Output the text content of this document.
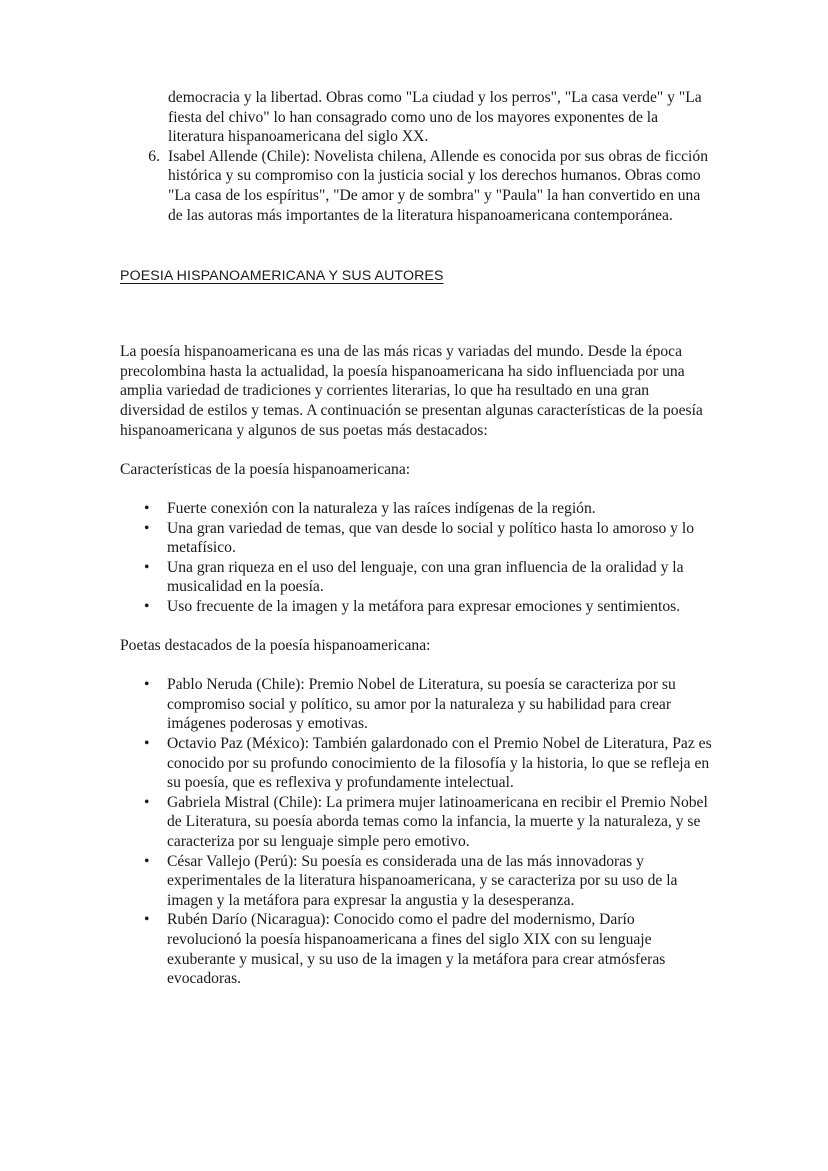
democracia y la libertad. Obras como "La ciudad y los perros", "La casa verde" y "La fiesta del chivo" lo han consagrado como uno de los mayores exponentes de la literatura hispanoamericana del siglo XX.
6. Isabel Allende (Chile): Novelista chilena, Allende es conocida por sus obras de ficción histórica y su compromiso con la justicia social y los derechos humanos. Obras como "La casa de los espíritus", "De amor y de sombra" y "Paula" la han convertido en una de las autoras más importantes de la literatura hispanoamericana contemporánea.
POESIA HISPANOAMERICANA Y SUS AUTORES

La poesía hispanoamericana es una de las más ricas y variadas del mundo. Desde la época precolombina hasta la actualidad, la poesía hispanoamericana ha sido influenciada por una amplia variedad de tradiciones y corrientes literarias, lo que ha resultado en una gran diversidad de estilos y temas. A continuación se presentan algunas características de la poesía hispanoamericana y algunos de sus poetas más destacados:

Características de la poesía hispanoamericana:

• Fuerte conexión con la naturaleza y las raíces indígenas de la región.
• Una gran variedad de temas, que van desde lo social y político hasta lo amoroso y lo metafísico.
• Una gran riqueza en el uso del lenguaje, con una gran influencia de la oralidad y la musicalidad en la poesía.
• Uso frecuente de la imagen y la metáfora para expresar emociones y sentimientos.

Poetas destacados de la poesía hispanoamericana:

• Pablo Neruda (Chile): Premio Nobel de Literatura, su poesía se caracteriza por su compromiso social y político, su amor por la naturaleza y su habilidad para crear imágenes poderosas y emotivas.
• Octavio Paz (México): También galardonado con el Premio Nobel de Literatura, Paz es conocido por su profundo conocimiento de la filosofía y la historia, lo que se refleja en su poesía, que es reflexiva y profundamente intelectual.
• Gabriela Mistral (Chile): La primera mujer latinoamericana en recibir el Premio Nobel de Literatura, su poesía aborda temas como la infancia, la muerte y la naturaleza, y se caracteriza por su lenguaje simple pero emotivo.
• César Vallejo (Perú): Su poesía es considerada una de las más innovadoras y experimentales de la literatura hispanoamericana, y se caracteriza por su uso de la imagen y la metáfora para expresar la angustia y la desesperanza.
• Rubén Darío (Nicaragua): Conocido como el padre del modernismo, Darío revolucionó la poesía hispanoamericana a fines del siglo XIX con su lenguaje exuberante y musical, y su uso de la imagen y la metáfora para crear atmósferas evocadoras.
